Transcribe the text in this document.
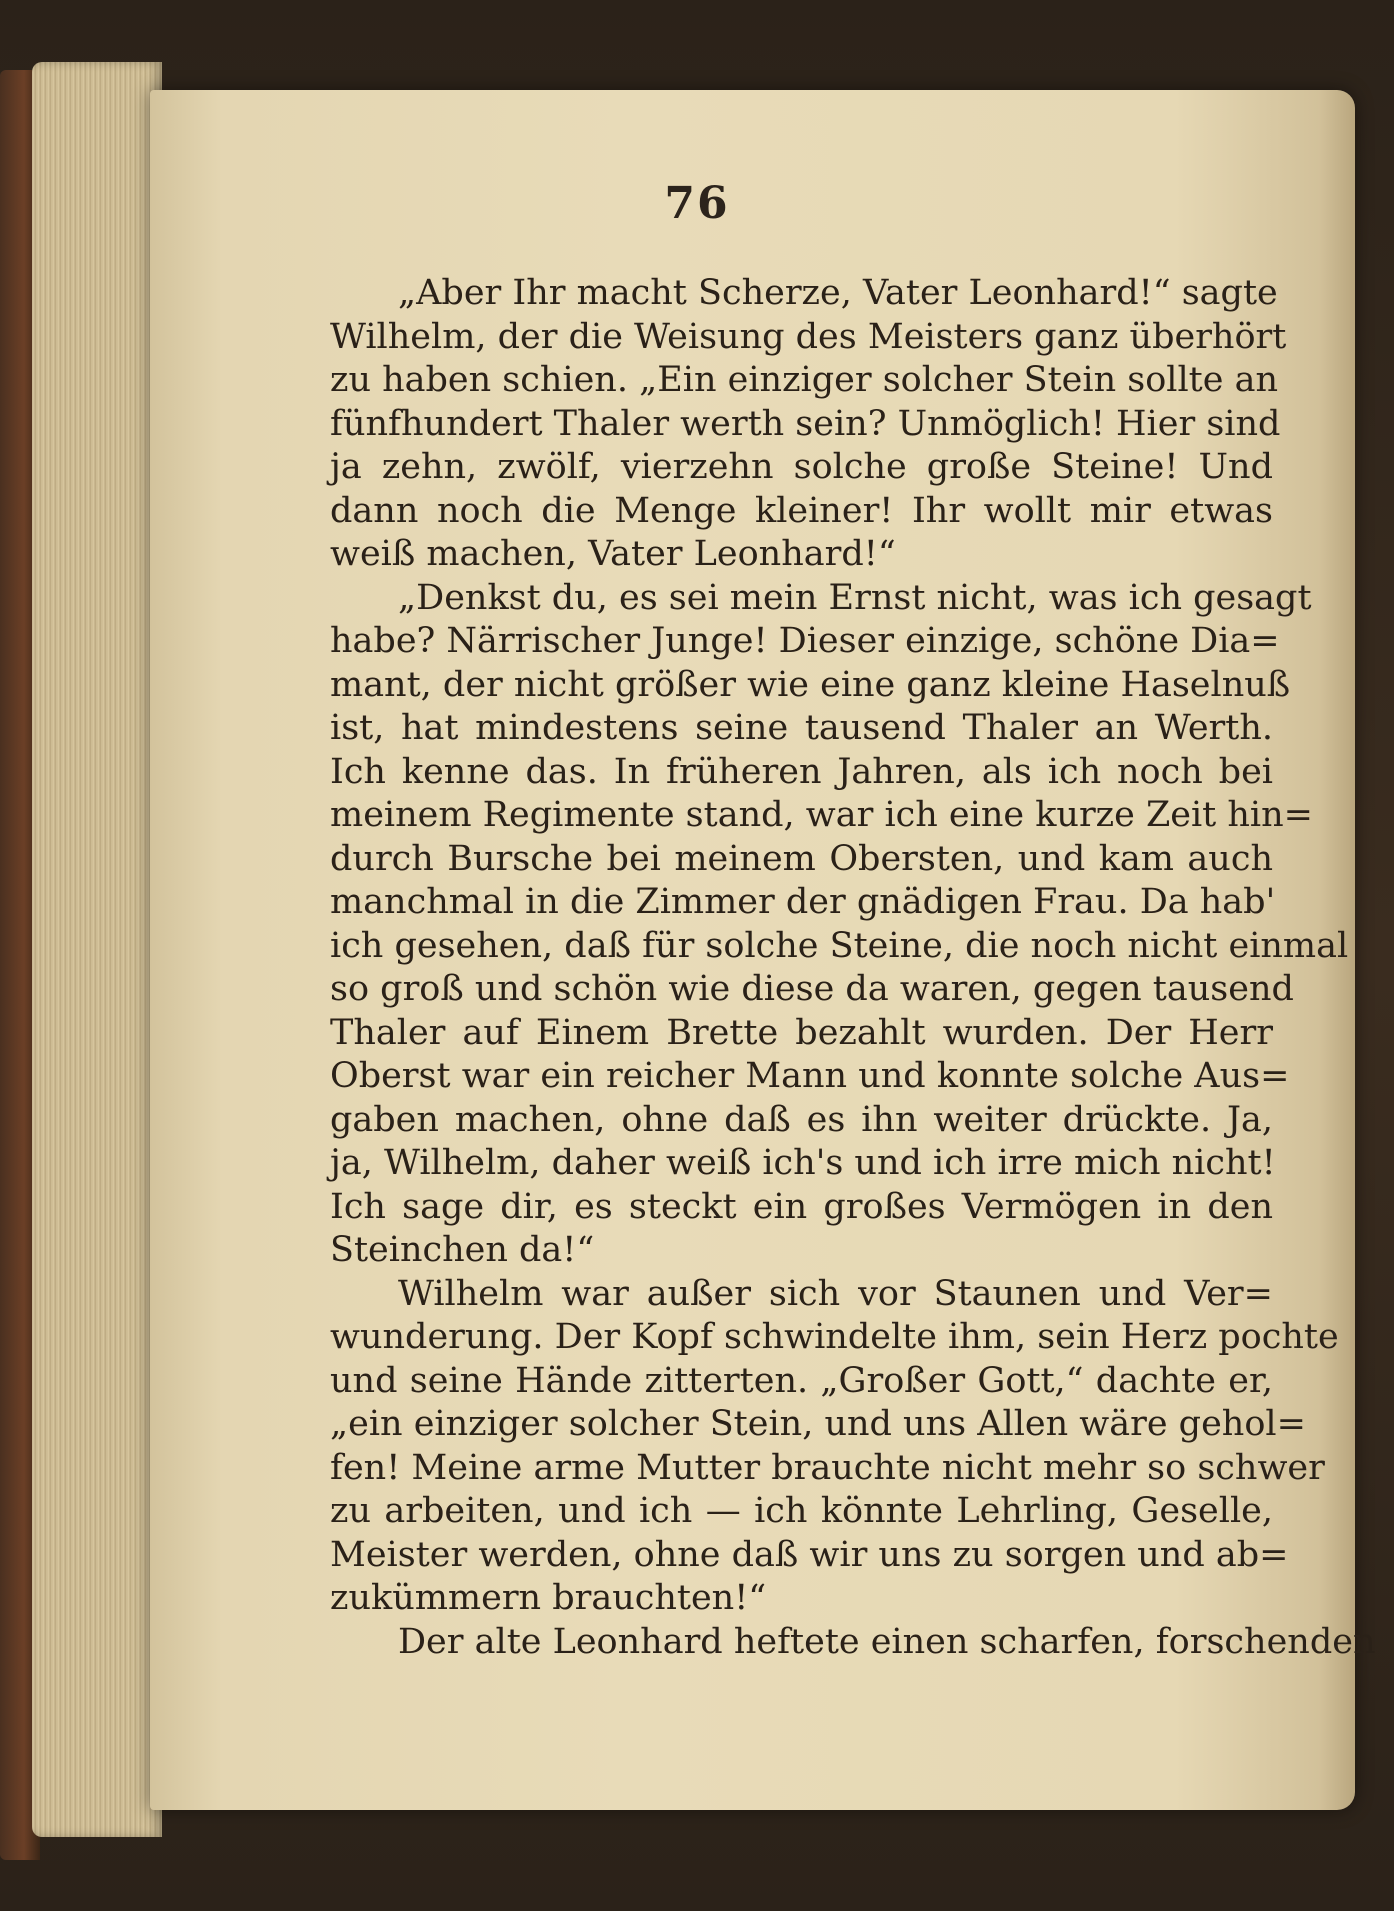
76
„Aber Ihr macht Scherze, Vater Leonhard!“ sagte
Wilhelm, der die Weisung des Meisters ganz überhört
zu haben schien. „Ein einziger solcher Stein sollte an
fünfhundert Thaler werth sein? Unmöglich! Hier sind
ja zehn, zwölf, vierzehn solche große Steine! Und
dann noch die Menge kleiner! Ihr wollt mir etwas
weiß machen, Vater Leonhard!“
„Denkst du, es sei mein Ernst nicht, was ich gesagt
habe? Närrischer Junge! Dieser einzige, schöne Dia=
mant, der nicht größer wie eine ganz kleine Haselnuß
ist, hat mindestens seine tausend Thaler an Werth.
Ich kenne das. In früheren Jahren, als ich noch bei
meinem Regimente stand, war ich eine kurze Zeit hin=
durch Bursche bei meinem Obersten, und kam auch
manchmal in die Zimmer der gnädigen Frau. Da hab'
ich gesehen, daß für solche Steine, die noch nicht einmal
so groß und schön wie diese da waren, gegen tausend
Thaler auf Einem Brette bezahlt wurden. Der Herr
Oberst war ein reicher Mann und konnte solche Aus=
gaben machen, ohne daß es ihn weiter drückte. Ja,
ja, Wilhelm, daher weiß ich's und ich irre mich nicht!
Ich sage dir, es steckt ein großes Vermögen in den
Steinchen da!“
Wilhelm war außer sich vor Staunen und Ver=
wunderung. Der Kopf schwindelte ihm, sein Herz pochte
und seine Hände zitterten. „Großer Gott,“ dachte er,
„ein einziger solcher Stein, und uns Allen wäre gehol=
fen! Meine arme Mutter brauchte nicht mehr so schwer
zu arbeiten, und ich — ich könnte Lehrling, Geselle,
Meister werden, ohne daß wir uns zu sorgen und ab=
zukümmern brauchten!“
Der alte Leonhard heftete einen scharfen, forschenden
